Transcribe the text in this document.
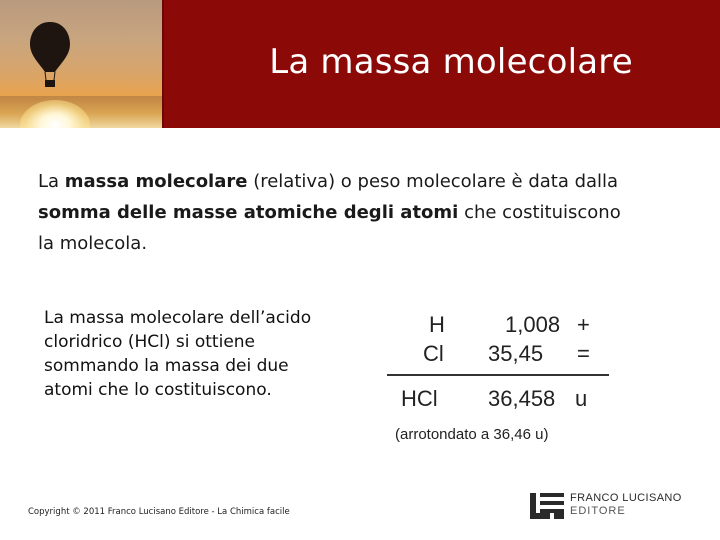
La massa molecolare
La massa molecolare (relativa) o peso molecolare è data dalla
somma delle masse atomiche degli atomi che costituiscono
la molecola.
La massa molecolare dell’acido
cloridrico (HCl) si ottiene
sommando la massa dei due
atomi che lo costituiscono.
H	1,008 +
Cl 35,45 =
HCl 36,458 u
(arrotondato a 36,46 u)
Copyright © 2011 Franco Lucisano Editore - La Chimica facile
FRANCO LUCISANO
EDITORE
